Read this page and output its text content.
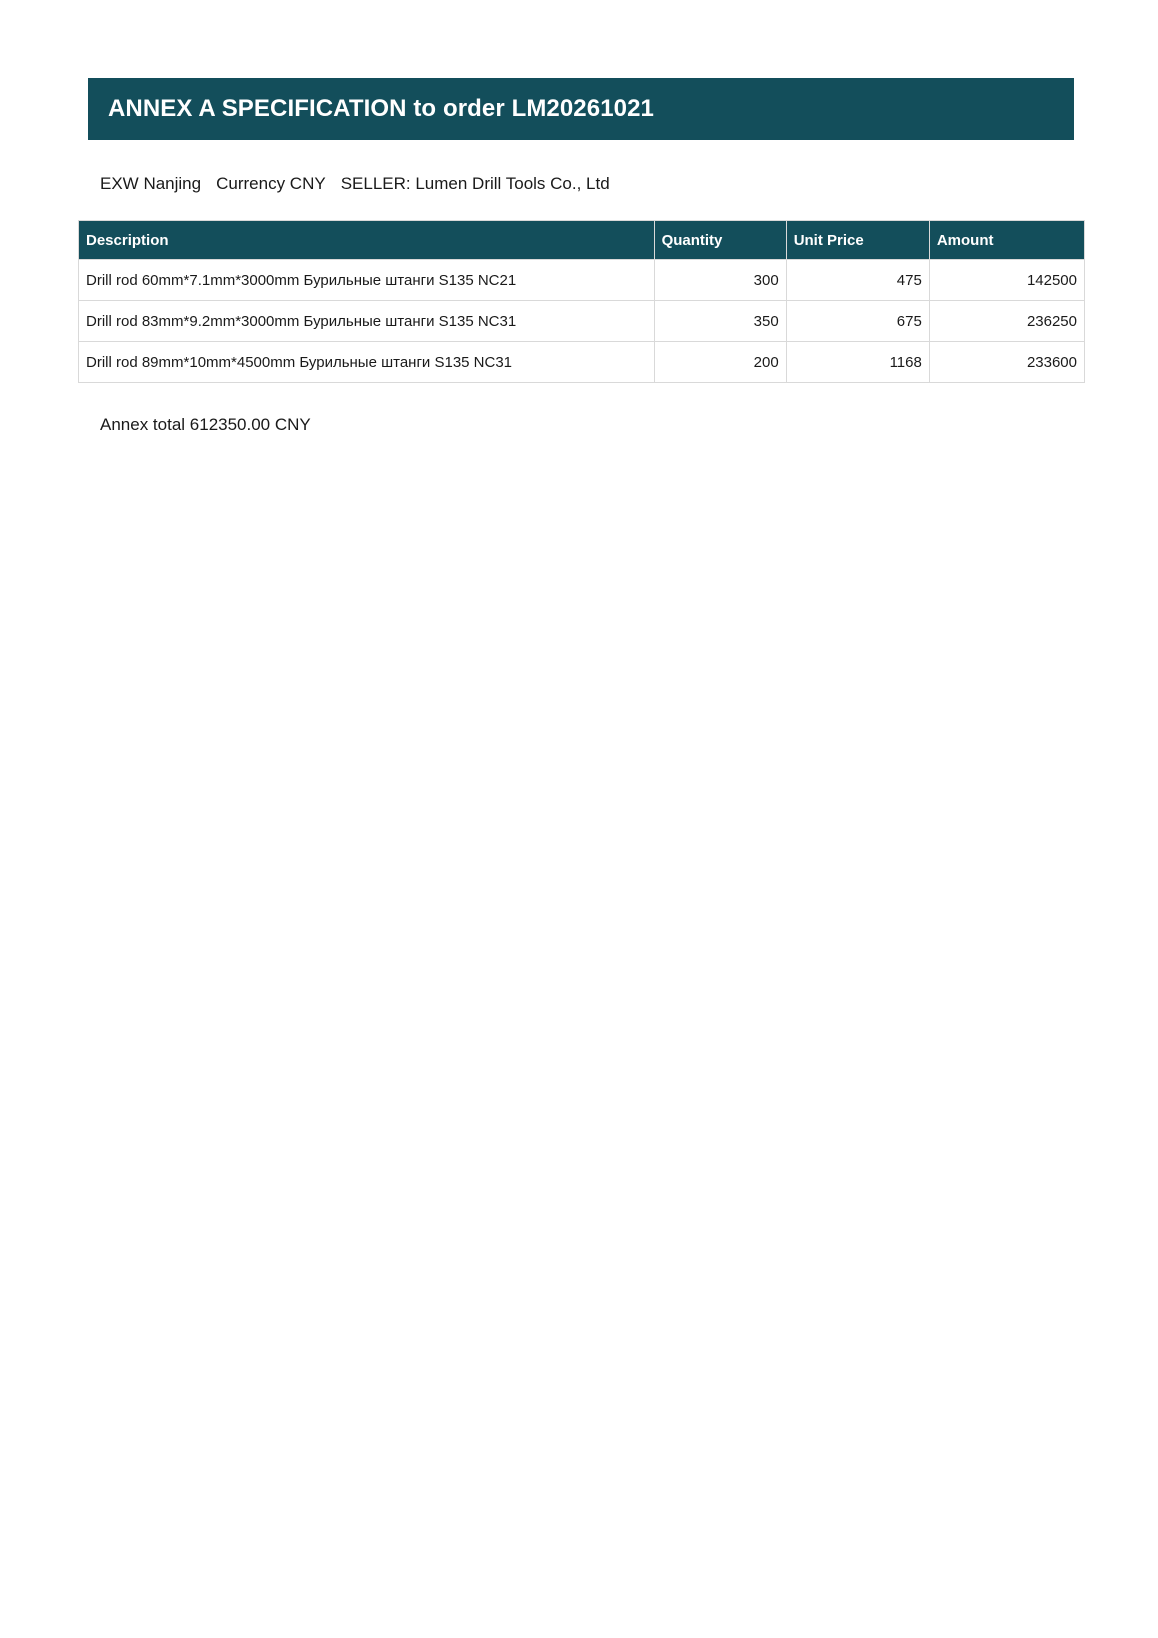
ANNEX A SPECIFICATION to order LM20261021
EXW Nanjing Currency CNY SELLER: Lumen Drill Tools Co., Ltd
Description	Quantity	Unit Price	Amount
Drill rod 60mm*7.1mm*3000mm Бурильные штанги S135 NC21	300	475	142500
Drill rod 83mm*9.2mm*3000mm Бурильные штанги S135 NC31	350	675	236250
Drill rod 89mm*10mm*4500mm Бурильные штанги S135 NC31	200	1168	233600
Annex total 612350.00 CNY
